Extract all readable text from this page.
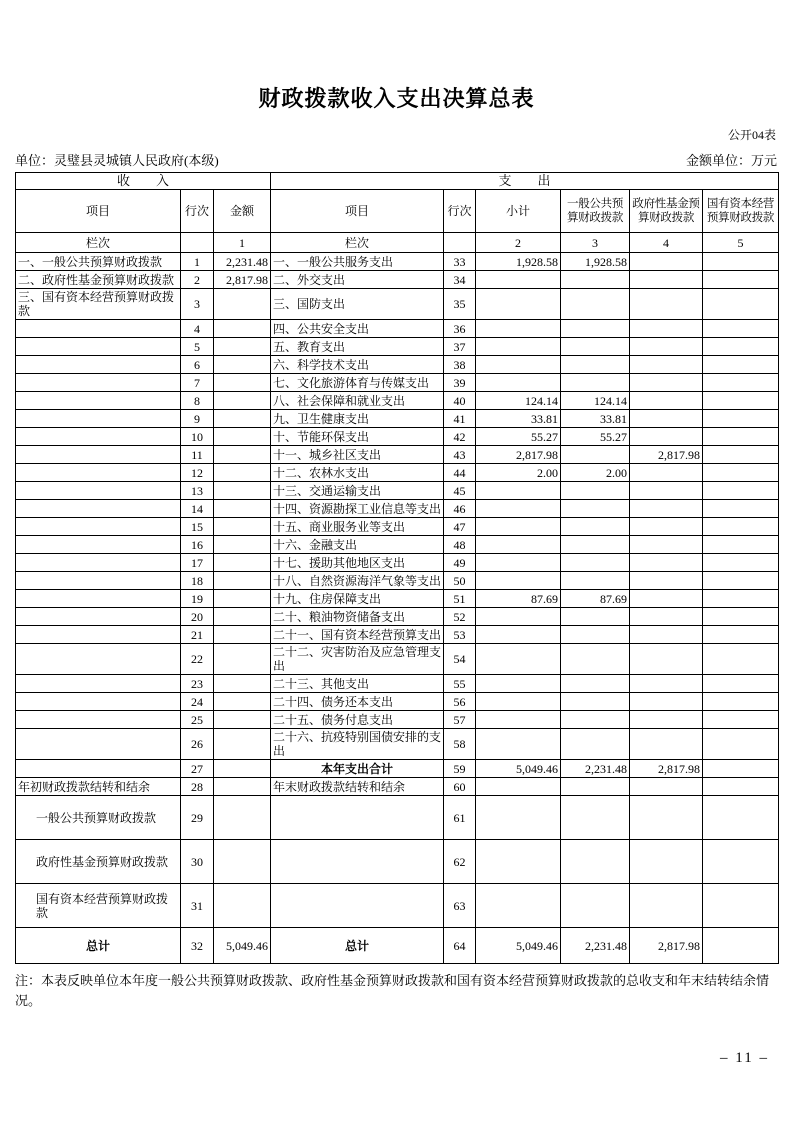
财政拨款收入支出决算总表
公开04表
单位：灵璧县灵城镇人民政府(本级)	金额单位：万元
收　　入			支　　出					
项目	行次	金额	项目	行次	小计	一般公共预算财政拨款	政府性基金预算财政拨款	国有资本经营预算财政拨款
栏次		1	栏次		2	3	4	5
一、一般公共预算财政拨款	1	2,231.48	一、一般公共服务支出	33	1,928.58	1,928.58		
二、政府性基金预算财政拨款	2	2,817.98	二、外交支出	34				
三、国有资本经营预算财政拨款	3		三、国防支出	35				
	4		四、公共安全支出	36				
	5		五、教育支出	37				
	6		六、科学技术支出	38				
	7		七、文化旅游体育与传媒支出	39				
	8		八、社会保障和就业支出	40	124.14	124.14		
	9		九、卫生健康支出	41	33.81	33.81		
	10		十、节能环保支出	42	55.27	55.27		
	11		十一、城乡社区支出	43	2,817.98		2,817.98	
	12		十二、农林水支出	44	2.00	2.00		
	13		十三、交通运输支出	45				
	14		十四、资源勘探工业信息等支出	46				
	15		十五、商业服务业等支出	47				
	16		十六、金融支出	48				
	17		十七、援助其他地区支出	49				
	18		十八、自然资源海洋气象等支出	50				
	19		十九、住房保障支出	51	87.69	87.69		
	20		二十、粮油物资储备支出	52				
	21		二十一、国有资本经营预算支出	53				
	22		二十二、灾害防治及应急管理支出	54				
	23		二十三、其他支出	55				
	24		二十四、债务还本支出	56				
	25		二十五、债务付息支出	57				
	26		二十六、抗疫特别国债安排的支出	58				
	27		本年支出合计	59	5,049.46	2,231.48	2,817.98	
年初财政拨款结转和结余	28		年末财政拨款结转和结余	60				
一般公共预算财政拨款	29			61				
政府性基金预算财政拨款	30			62				
国有资本经营预算财政拨款	31			63				
总计	32	5,049.46	总计	64	5,049.46	2,231.48	2,817.98	
注：本表反映单位本年度一般公共预算财政拨款、政府性基金预算财政拨款和国有资本经营预算财政拨款的总收支和年末结转结余情况。
– 11 –
